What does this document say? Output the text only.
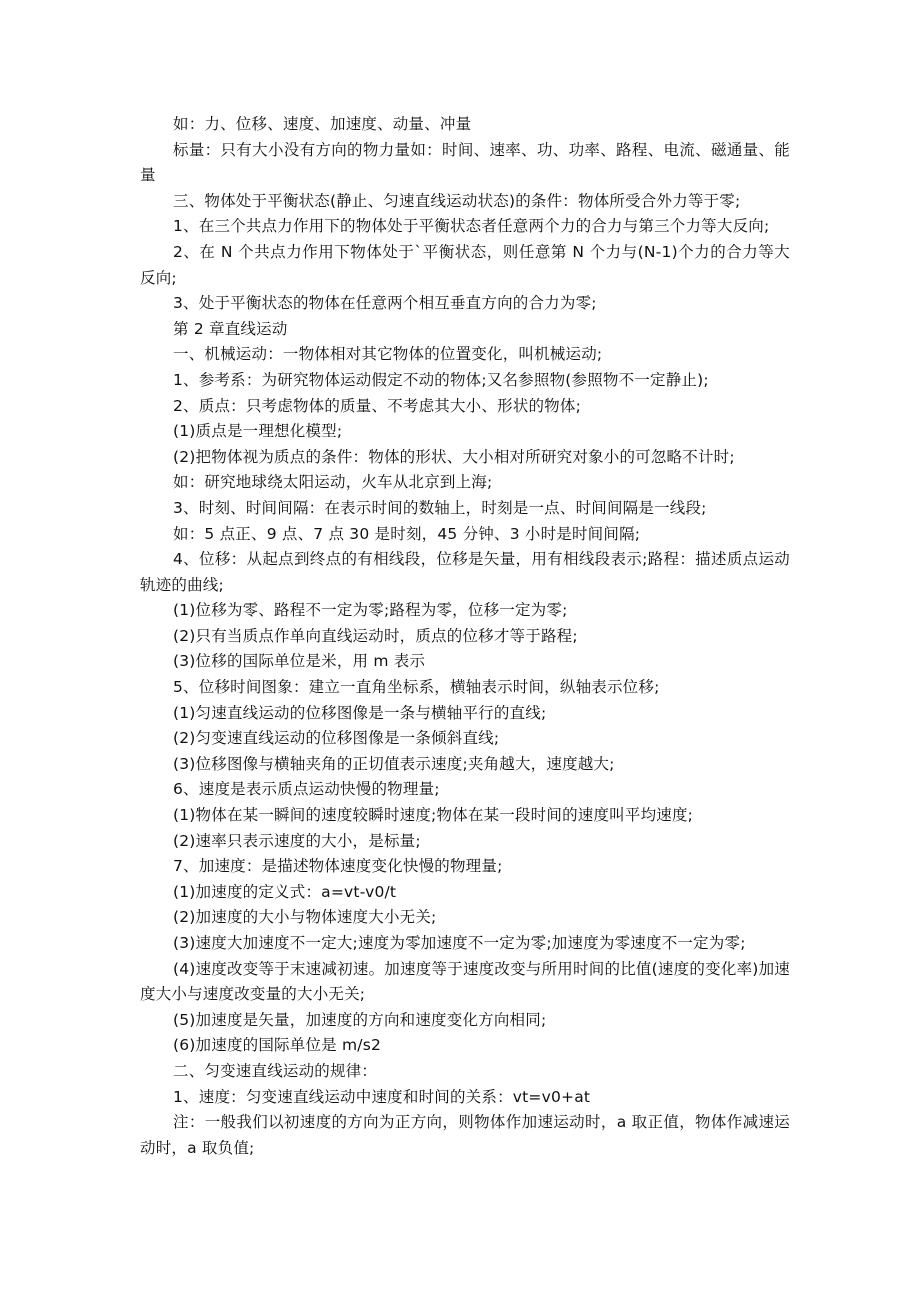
如：力、位移、速度、加速度、动量、冲量

标量：只有大小没有方向的物力量如：时间、速率、功、功率、路程、电流、磁通量、能量

三、物体处于平衡状态(静止、匀速直线运动状态)的条件：物体所受合外力等于零;

1、在三个共点力作用下的物体处于平衡状态者任意两个力的合力与第三个力等大反向;

2、在 N 个共点力作用下物体处于`平衡状态，则任意第 N 个力与(N-1)个力的合力等大反向;

3、处于平衡状态的物体在任意两个相互垂直方向的合力为零;

第 2 章直线运动

一、机械运动：一物体相对其它物体的位置变化，叫机械运动;

1、参考系：为研究物体运动假定不动的物体;又名参照物(参照物不一定静止);

2、质点：只考虑物体的质量、不考虑其大小、形状的物体;

(1)质点是一理想化模型;

(2)把物体视为质点的条件：物体的形状、大小相对所研究对象小的可忽略不计时;

如：研究地球绕太阳运动，火车从北京到上海;

3、时刻、时间间隔：在表示时间的数轴上，时刻是一点、时间间隔是一线段;

如：5 点正、9 点、7 点 30 是时刻，45 分钟、3 小时是时间间隔;

4、位移：从起点到终点的有相线段，位移是矢量，用有相线段表示;路程：描述质点运动轨迹的曲线;

(1)位移为零、路程不一定为零;路程为零，位移一定为零;

(2)只有当质点作单向直线运动时，质点的位移才等于路程;

(3)位移的国际单位是米，用 m 表示

5、位移时间图象：建立一直角坐标系，横轴表示时间，纵轴表示位移;

(1)匀速直线运动的位移图像是一条与横轴平行的直线;

(2)匀变速直线运动的位移图像是一条倾斜直线;

(3)位移图像与横轴夹角的正切值表示速度;夹角越大，速度越大;

6、速度是表示质点运动快慢的物理量;

(1)物体在某一瞬间的速度较瞬时速度;物体在某一段时间的速度叫平均速度;

(2)速率只表示速度的大小，是标量;

7、加速度：是描述物体速度变化快慢的物理量;

(1)加速度的定义式：a=vt-v0/t

(2)加速度的大小与物体速度大小无关;

(3)速度大加速度不一定大;速度为零加速度不一定为零;加速度为零速度不一定为零;

(4)速度改变等于末速减初速。加速度等于速度改变与所用时间的比值(速度的变化率)加速度大小与速度改变量的大小无关;

(5)加速度是矢量，加速度的方向和速度变化方向相同;

(6)加速度的国际单位是 m/s2

二、匀变速直线运动的规律：

1、速度：匀变速直线运动中速度和时间的关系：vt=v0+at

注：一般我们以初速度的方向为正方向，则物体作加速运动时，a 取正值，物体作减速运动时，a 取负值;
